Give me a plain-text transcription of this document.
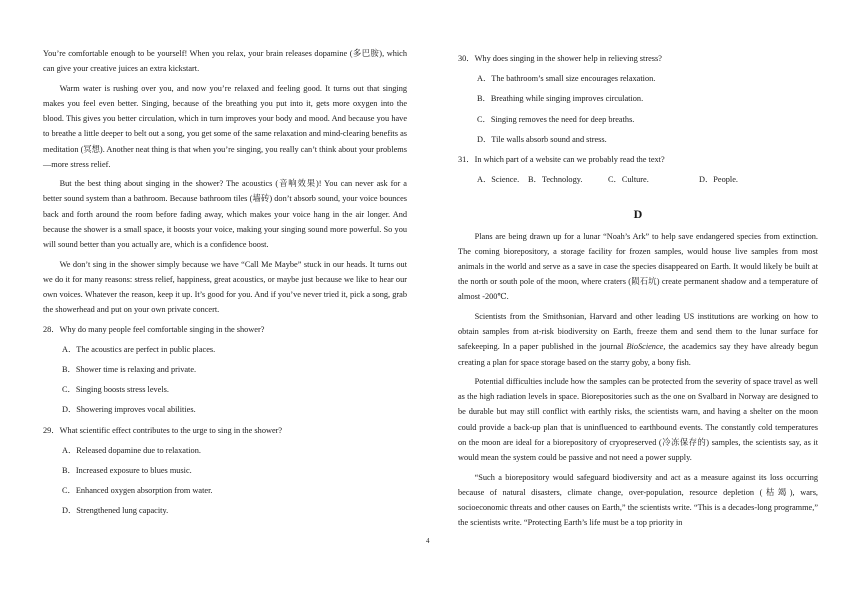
You’re comfortable enough to be yourself! When you relax, your brain releases dopamine (多巴胺), which can give your creative juices an extra kickstart.

Warm water is rushing over you, and now you’re relaxed and feeling good. It turns out that singing makes you feel even better. Singing, because of the breathing you put into it, gets more oxygen into the blood. This gives you better circulation, which in turn improves your body and mood. And because you have to breathe a little deeper to belt out a song, you get some of the same relaxation and mind-clearing benefits as meditation (冥想). Another neat thing is that when you’re singing, you really can’t think about your problems—more stress relief.

But the best thing about singing in the shower? The acoustics (音响效果)! You can never ask for a better sound system than a bathroom. Because bathroom tiles (墙砖) don’t absorb sound, your voice bounces back and forth around the room before fading away, which makes your voice hang in the air longer. And because the shower is a small space, it boosts your voice, making your singing sound more powerful. So you will sound better than you actually are, which is a confidence boost.

We don’t sing in the shower simply because we have “Call Me Maybe” stuck in our heads. It turns out we do it for many reasons: stress relief, happiness, great acoustics, or maybe just because we like to hear our own voices. Whatever the reason, keep it up. It’s good for you. And if you’ve never tried it, pick a song, grab the showerhead and put on your own private concert.

28．Why do many people feel comfortable singing in the shower?

A．The acoustics are perfect in public places.

B．Shower time is relaxing and private.

C．Singing boosts stress levels.

D．Showering improves vocal abilities.

29．What scientific effect contributes to the urge to sing in the shower?

A．Released dopamine due to relaxation.

B．Increased exposure to blues music.

C．Enhanced oxygen absorption from water.

D．Strengthened lung capacity.

30．Why does singing in the shower help in relieving stress?

A．The bathroom’s small size encourages relaxation.

B．Breathing while singing improves circulation.

C．Singing removes the need for deep breaths.

D．Tile walls absorb sound and stress.

31．In which part of a website can we probably read the text?

A．Science.	B．Technology.	C．Culture.	D．People.
D

Plans are being drawn up for a lunar “Noah’s Ark” to help save endangered species from extinction. The coming biorepository, a storage facility for frozen samples, would house live samples from most animals in the world and serve as a save in case the species disappeared on Earth. It would likely be built at the north or south pole of the moon, where craters (陨石坑) create permanent shadow and a temperature of almost -200℃.

Scientists from the Smithsonian, Harvard and other leading US institutions are working on how to obtain samples from at-risk biodiversity on Earth, freeze them and send them to the lunar surface for safekeeping. In a paper published in the journal BioScience, the academics say they have already begun creating a plan for space storage based on the starry goby, a bony fish.

Potential difficulties include how the samples can be protected from the severity of space travel as well as the high radiation levels in space. Biorepositories such as the one on Svalbard in Norway are designed to be durable but may still conflict with earthly risks, the scientists warn, and having a shelter on the moon could provide a back-up plan that is uninfluenced to earthbound events. The constantly cold temperatures on the moon are ideal for a biorepository of cryopreserved (冷冻保存的) samples, the scientists say, as it would mean the system could be passive and not need a power supply.

“Such a biorepository would safeguard biodiversity and act as a measure against its loss occurring because of natural disasters, climate change, over-population, resource depletion (枯竭), wars, socioeconomic threats and other causes on Earth,” the scientists write. “This is a decades-long programme,” the scientists write. “Protecting Earth’s life must be a top priority in

4
